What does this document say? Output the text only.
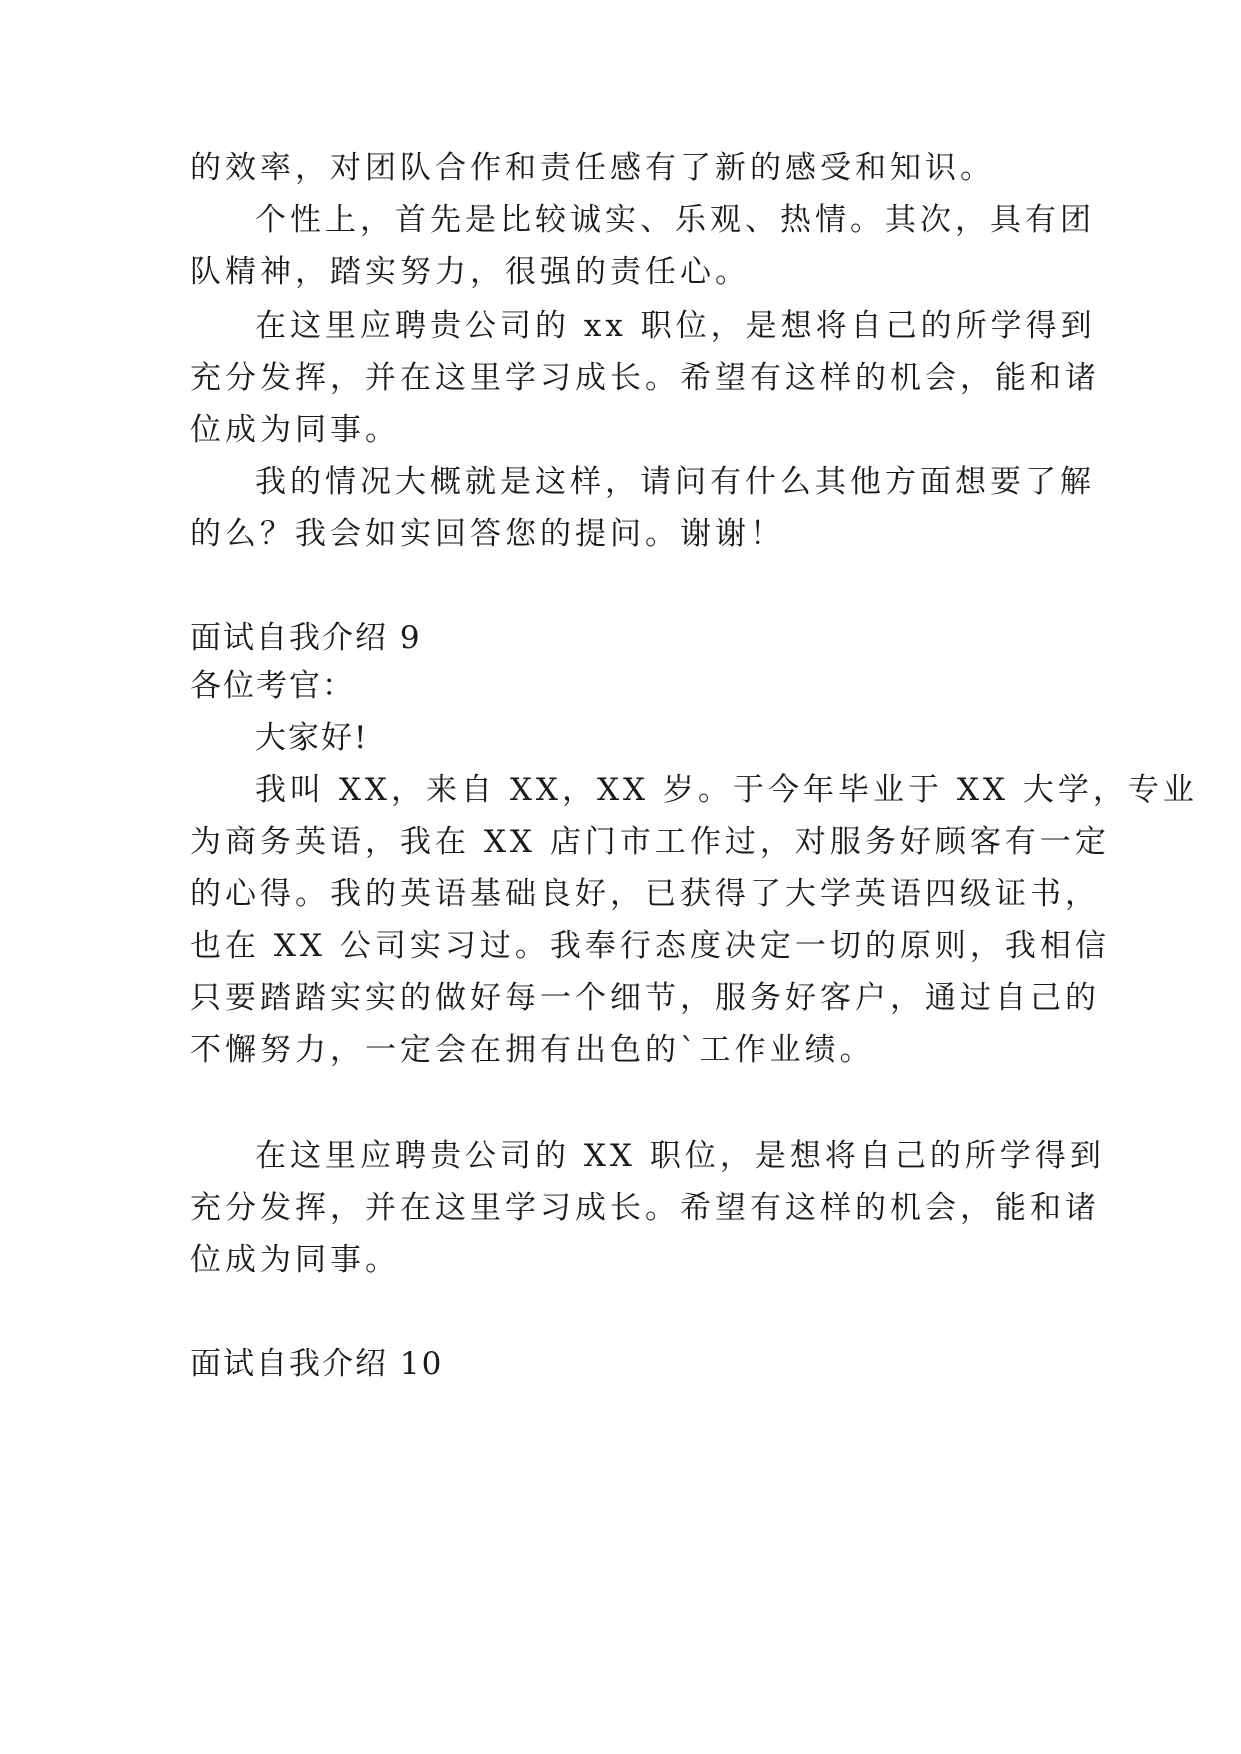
的效率，对团队合作和责任感有了新的感受和知识。
个性上，首先是比较诚实、乐观、热情。其次，具有团
队精神，踏实努力，很强的责任心。
在这里应聘贵公司的 xx 职位，是想将自己的所学得到
充分发挥，并在这里学习成长。希望有这样的机会，能和诸
位成为同事。
我的情况大概就是这样，请问有什么其他方面想要了解
的么？我会如实回答您的提问。谢谢！
面试自我介绍 9
各位考官：
大家好!
我叫 XX，来自 XX，XX 岁。于今年毕业于 XX 大学，专业
为商务英语，我在 XX 店门市工作过，对服务好顾客有一定
的心得。我的英语基础良好，已获得了大学英语四级证书，
也在 XX 公司实习过。我奉行态度决定一切的原则，我相信
只要踏踏实实的做好每一个细节，服务好客户，通过自己的
不懈努力，一定会在拥有出色的`工作业绩。
在这里应聘贵公司的 XX 职位，是想将自己的所学得到
充分发挥，并在这里学习成长。希望有这样的机会，能和诸
位成为同事。
面试自我介绍 10
